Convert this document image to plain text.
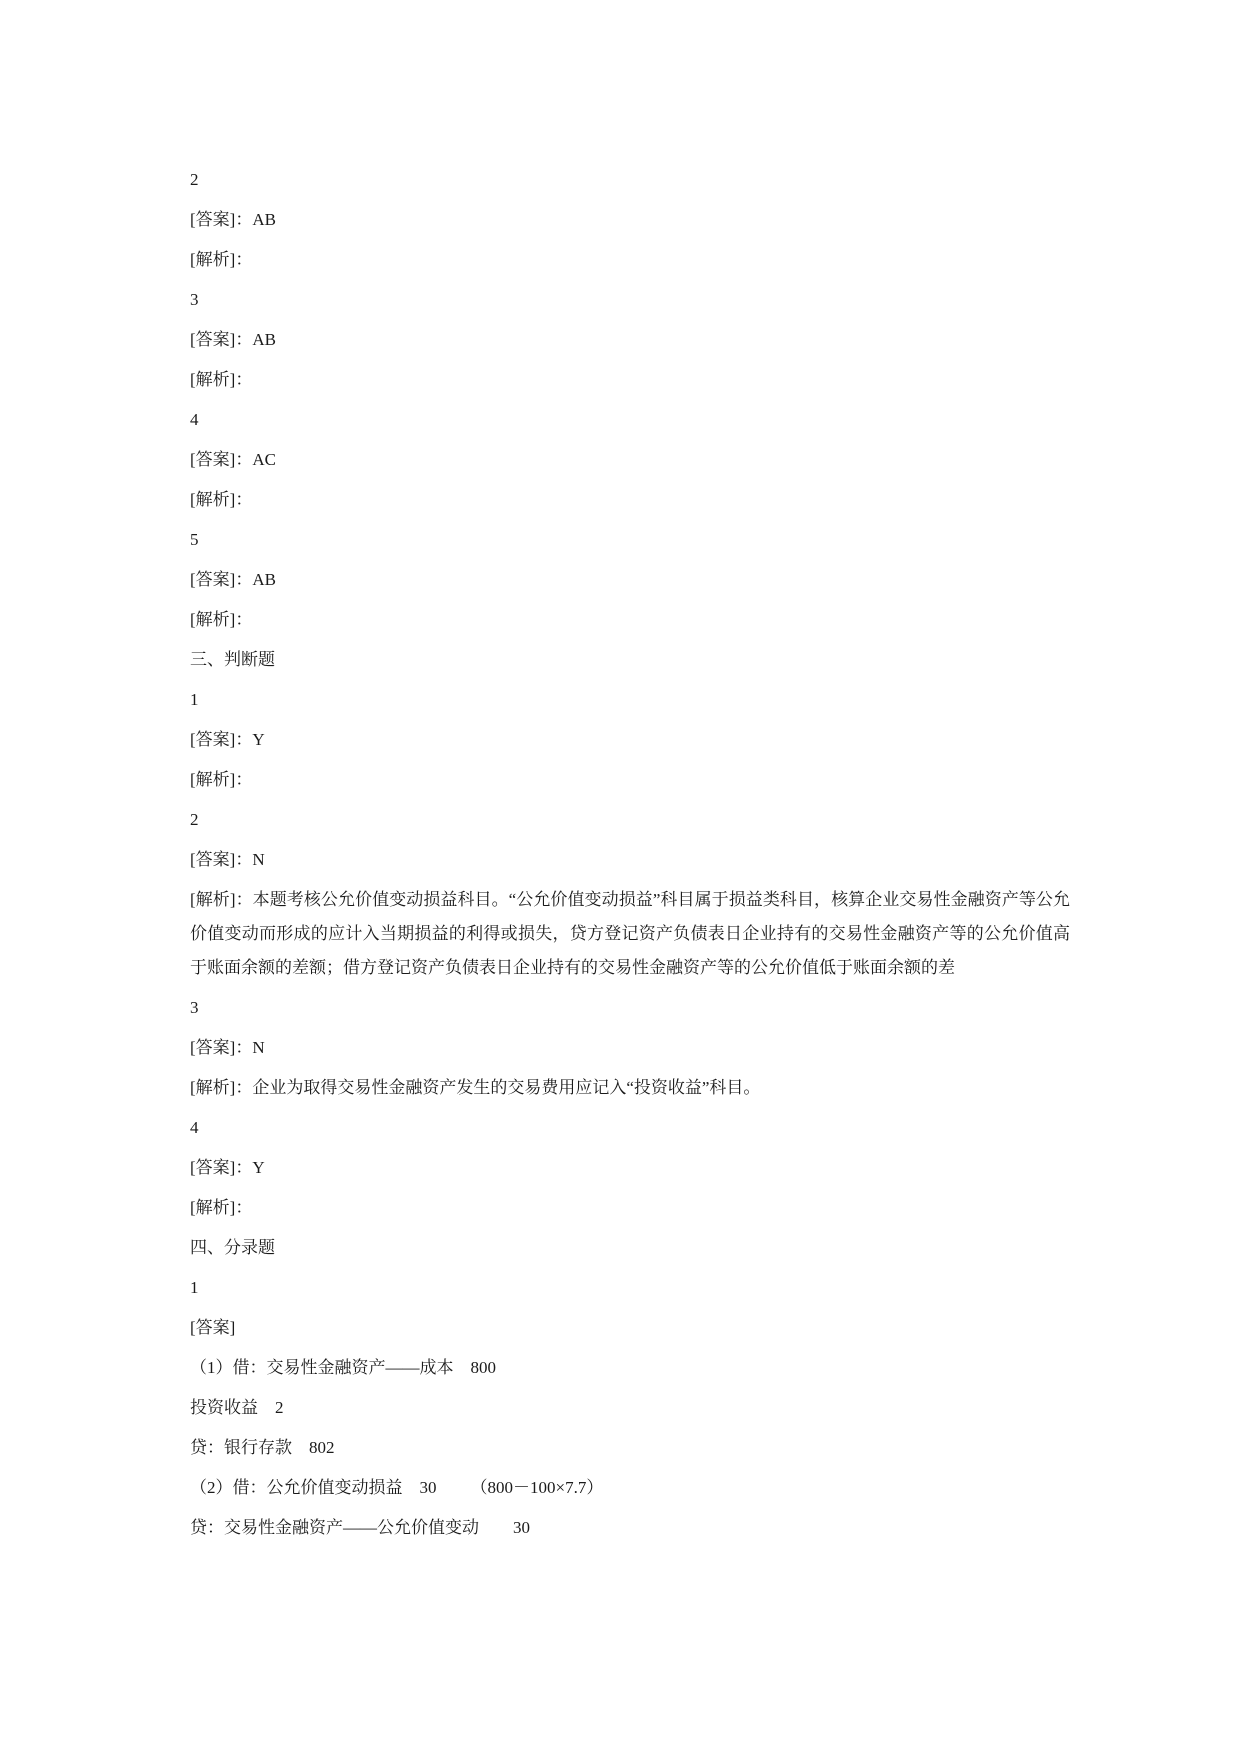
2
[答案]：AB
[解析]：
3
[答案]：AB
[解析]：
4
[答案]：AC
[解析]：
5
[答案]：AB
[解析]：
三、判断题
1
[答案]：Y
[解析]：
2
[答案]：N
[解析]：本题考核公允价值变动损益科目。“公允价值变动损益”科目属于损益类科目，核算企业交易性金融资产等公允价值变动而形成的应计入当期损益的利得或损失，贷方登记资产负债表日企业持有的交易性金融资产等的公允价值高于账面余额的差额；借方登记资产负债表日企业持有的交易性金融资产等的公允价值低于账面余额的差
3
[答案]：N
[解析]：企业为取得交易性金融资产发生的交易费用应记入“投资收益”科目。
4
[答案]：Y
[解析]：
四、分录题
1
[答案]
（1）借：交易性金融资产——成本    800
投资收益    2
贷：银行存款    802
（2）借：公允价值变动损益    30        （800－100×7.7）
贷：交易性金融资产——公允价值变动        30
